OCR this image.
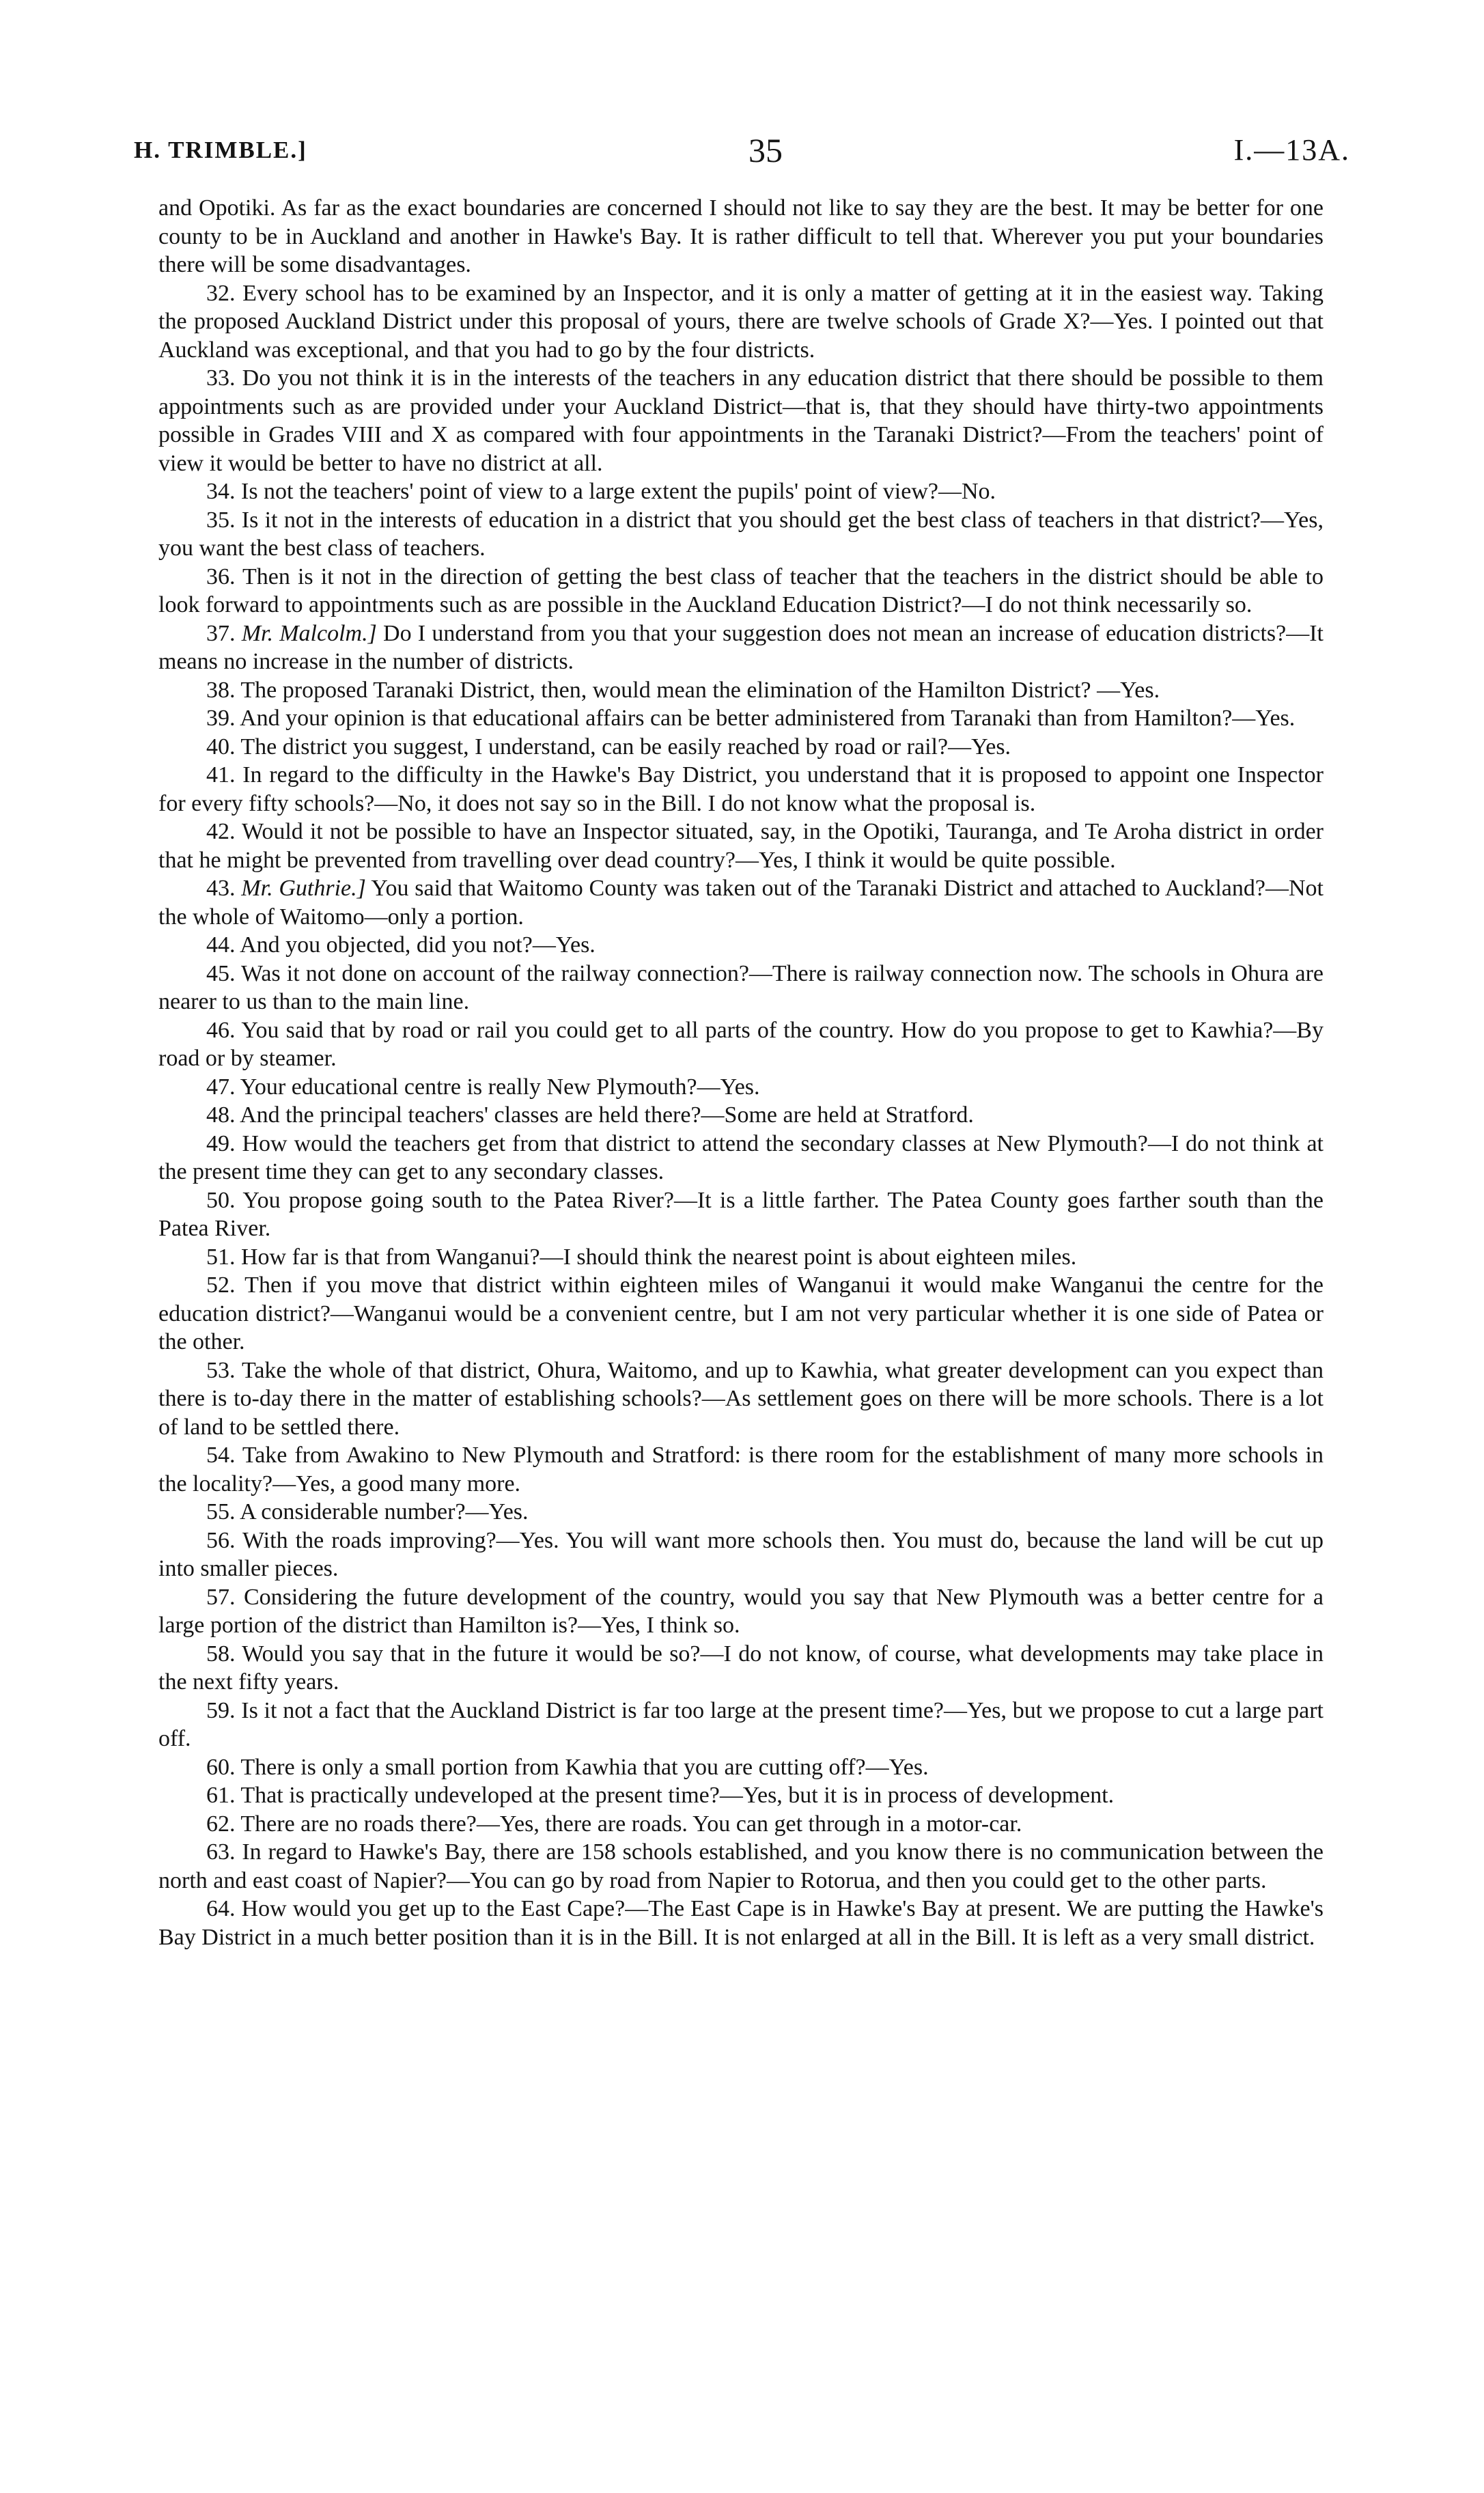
H. TRIMBLE.]	35	I.—13A.

and Opotiki. As far as the exact boundaries are concerned I should not like to say they are the best. It may be better for one county to be in Auckland and another in Hawke's Bay. It is rather difficult to tell that. Wherever you put your boundaries there will be some disadvantages.

32. Every school has to be examined by an Inspector, and it is only a matter of getting at it in the easiest way. Taking the proposed Auckland District under this proposal of yours, there are twelve schools of Grade X?—Yes. I pointed out that Auckland was exceptional, and that you had to go by the four districts.

33. Do you not think it is in the interests of the teachers in any education district that there should be possible to them appointments such as are provided under your Auckland District—that is, that they should have thirty-two appointments possible in Grades VIII and X as compared with four appointments in the Taranaki District?—From the teachers' point of view it would be better to have no district at all.

34. Is not the teachers' point of view to a large extent the pupils' point of view?—No.

35. Is it not in the interests of education in a district that you should get the best class of teachers in that district?—Yes, you want the best class of teachers.

36. Then is it not in the direction of getting the best class of teacher that the teachers in the district should be able to look forward to appointments such as are possible in the Auckland Education District?—I do not think necessarily so.

37. Mr. Malcolm.] Do I understand from you that your suggestion does not mean an increase of education districts?—It means no increase in the number of districts.

38. The proposed Taranaki District, then, would mean the elimination of the Hamilton District? —Yes.

39. And your opinion is that educational affairs can be better administered from Taranaki than from Hamilton?—Yes.

40. The district you suggest, I understand, can be easily reached by road or rail?—Yes.

41. In regard to the difficulty in the Hawke's Bay District, you understand that it is proposed to appoint one Inspector for every fifty schools?—No, it does not say so in the Bill. I do not know what the proposal is.

42. Would it not be possible to have an Inspector situated, say, in the Opotiki, Tauranga, and Te Aroha district in order that he might be prevented from travelling over dead country?—Yes, I think it would be quite possible.

43. Mr. Guthrie.] You said that Waitomo County was taken out of the Taranaki District and attached to Auckland?—Not the whole of Waitomo—only a portion.

44. And you objected, did you not?—Yes.

45. Was it not done on account of the railway connection?—There is railway connection now. The schools in Ohura are nearer to us than to the main line.

46. You said that by road or rail you could get to all parts of the country. How do you propose to get to Kawhia?—By road or by steamer.

47. Your educational centre is really New Plymouth?—Yes.

48. And the principal teachers' classes are held there?—Some are held at Stratford.

49. How would the teachers get from that district to attend the secondary classes at New Plymouth?—I do not think at the present time they can get to any secondary classes.

50. You propose going south to the Patea River?—It is a little farther. The Patea County goes farther south than the Patea River.

51. How far is that from Wanganui?—I should think the nearest point is about eighteen miles.

52. Then if you move that district within eighteen miles of Wanganui it would make Wanganui the centre for the education district?—Wanganui would be a convenient centre, but I am not very particular whether it is one side of Patea or the other.

53. Take the whole of that district, Ohura, Waitomo, and up to Kawhia, what greater development can you expect than there is to-day there in the matter of establishing schools?—As settlement goes on there will be more schools. There is a lot of land to be settled there.

54. Take from Awakino to New Plymouth and Stratford: is there room for the establishment of many more schools in the locality?—Yes, a good many more.

55. A considerable number?—Yes.

56. With the roads improving?—Yes. You will want more schools then. You must do, because the land will be cut up into smaller pieces.

57. Considering the future development of the country, would you say that New Plymouth was a better centre for a large portion of the district than Hamilton is?—Yes, I think so.

58. Would you say that in the future it would be so?—I do not know, of course, what developments may take place in the next fifty years.

59. Is it not a fact that the Auckland District is far too large at the present time?—Yes, but we propose to cut a large part off.

60. There is only a small portion from Kawhia that you are cutting off?—Yes.

61. That is practically undeveloped at the present time?—Yes, but it is in process of development.

62. There are no roads there?—Yes, there are roads. You can get through in a motor-car.

63. In regard to Hawke's Bay, there are 158 schools established, and you know there is no communication between the north and east coast of Napier?—You can go by road from Napier to Rotorua, and then you could get to the other parts.

64. How would you get up to the East Cape?—The East Cape is in Hawke's Bay at present. We are putting the Hawke's Bay District in a much better position than it is in the Bill. It is not enlarged at all in the Bill. It is left as a very small district.
